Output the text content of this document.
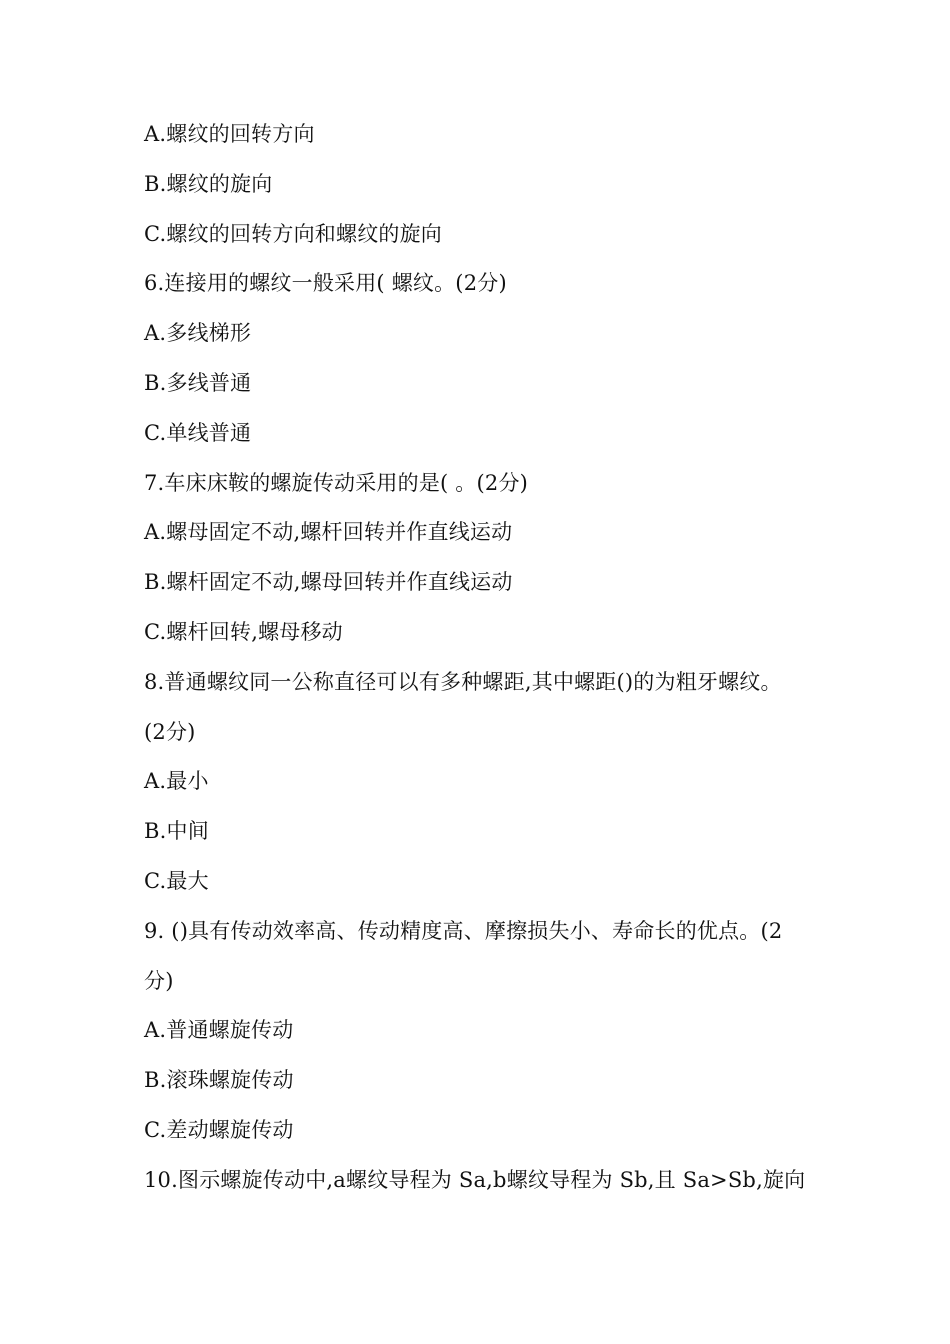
A.螺纹的回转方向
B.螺纹的旋向
C.螺纹的回转方向和螺纹的旋向
6.连接用的螺纹一般采用( 螺纹。(2分)
A.多线梯形
B.多线普通
C.单线普通
7.车床床鞍的螺旋传动采用的是( 。(2分)
A.螺母固定不动,螺杆回转并作直线运动
B.螺杆固定不动,螺母回转并作直线运动
C.螺杆回转,螺母移动
8.普通螺纹同一公称直径可以有多种螺距,其中螺距()的为粗牙螺纹。
(2分)
A.最小
B.中间
C.最大
9. ()具有传动效率高、传动精度高、摩擦损失小、寿命长的优点。(2
分)
A.普通螺旋传动
B.滚珠螺旋传动
C.差动螺旋传动
10.图示螺旋传动中,a螺纹导程为 Sa,b螺纹导程为 Sb,且 Sa>Sb,旋向
